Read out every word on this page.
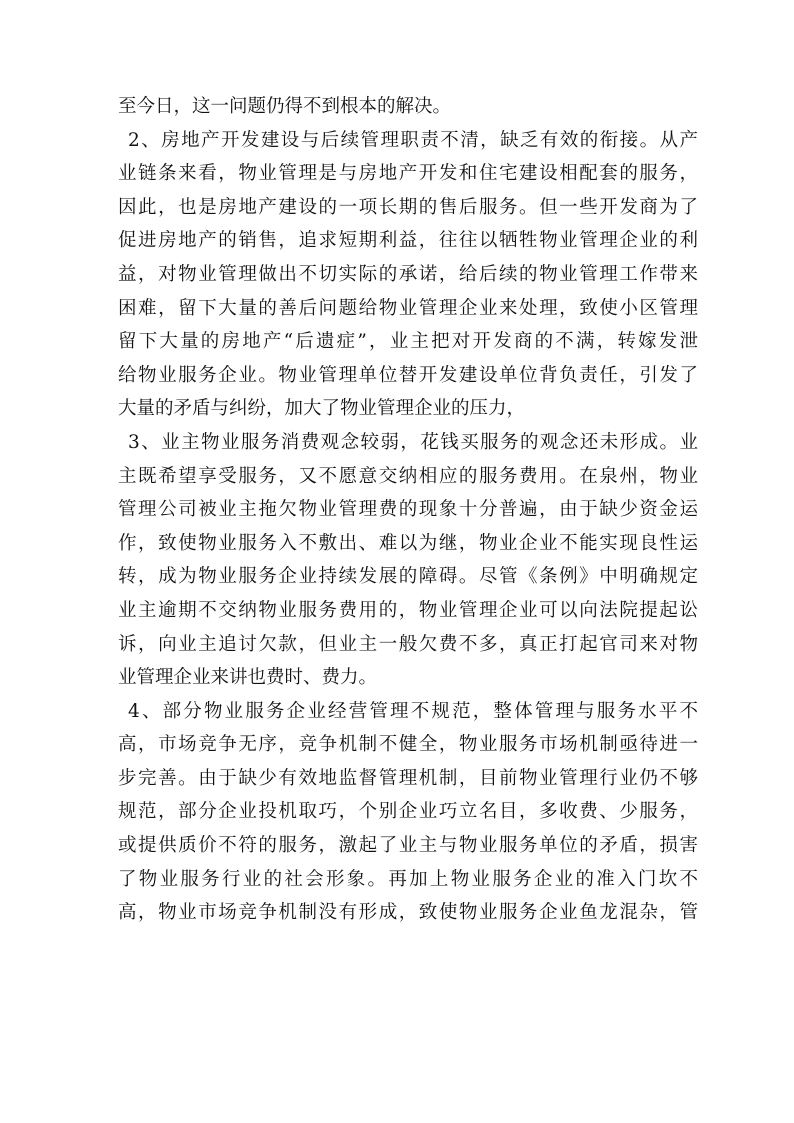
至今日，这一问题仍得不到根本的解决。
2、房地产开发建设与后续管理职责不清，缺乏有效的衔接。从产
业链条来看，物业管理是与房地产开发和住宅建设相配套的服务，
因此，也是房地产建设的一项长期的售后服务。但一些开发商为了
促进房地产的销售，追求短期利益，往往以牺牲物业管理企业的利
益，对物业管理做出不切实际的承诺，给后续的物业管理工作带来
困难，留下大量的善后问题给物业管理企业来处理，致使小区管理
留下大量的房地产“后遗症”，业主把对开发商的不满，转嫁发泄
给物业服务企业。物业管理单位替开发建设单位背负责任，引发了
大量的矛盾与纠纷，加大了物业管理企业的压力，
3、业主物业服务消费观念较弱，花钱买服务的观念还未形成。业
主既希望享受服务，又不愿意交纳相应的服务费用。在泉州，物业
管理公司被业主拖欠物业管理费的现象十分普遍，由于缺少资金运
作，致使物业服务入不敷出、难以为继，物业企业不能实现良性运
转，成为物业服务企业持续发展的障碍。尽管《条例》中明确规定
业主逾期不交纳物业服务费用的，物业管理企业可以向法院提起讼
诉，向业主追讨欠款，但业主一般欠费不多，真正打起官司来对物
业管理企业来讲也费时、费力。
4、部分物业服务企业经营管理不规范，整体管理与服务水平不
高，市场竞争无序，竞争机制不健全，物业服务市场机制亟待进一
步完善。由于缺少有效地监督管理机制，目前物业管理行业仍不够
规范，部分企业投机取巧，个别企业巧立名目，多收费、少服务，
或提供质价不符的服务，激起了业主与物业服务单位的矛盾，损害
了物业服务行业的社会形象。再加上物业服务企业的准入门坎不
高，物业市场竞争机制没有形成，致使物业服务企业鱼龙混杂，管
